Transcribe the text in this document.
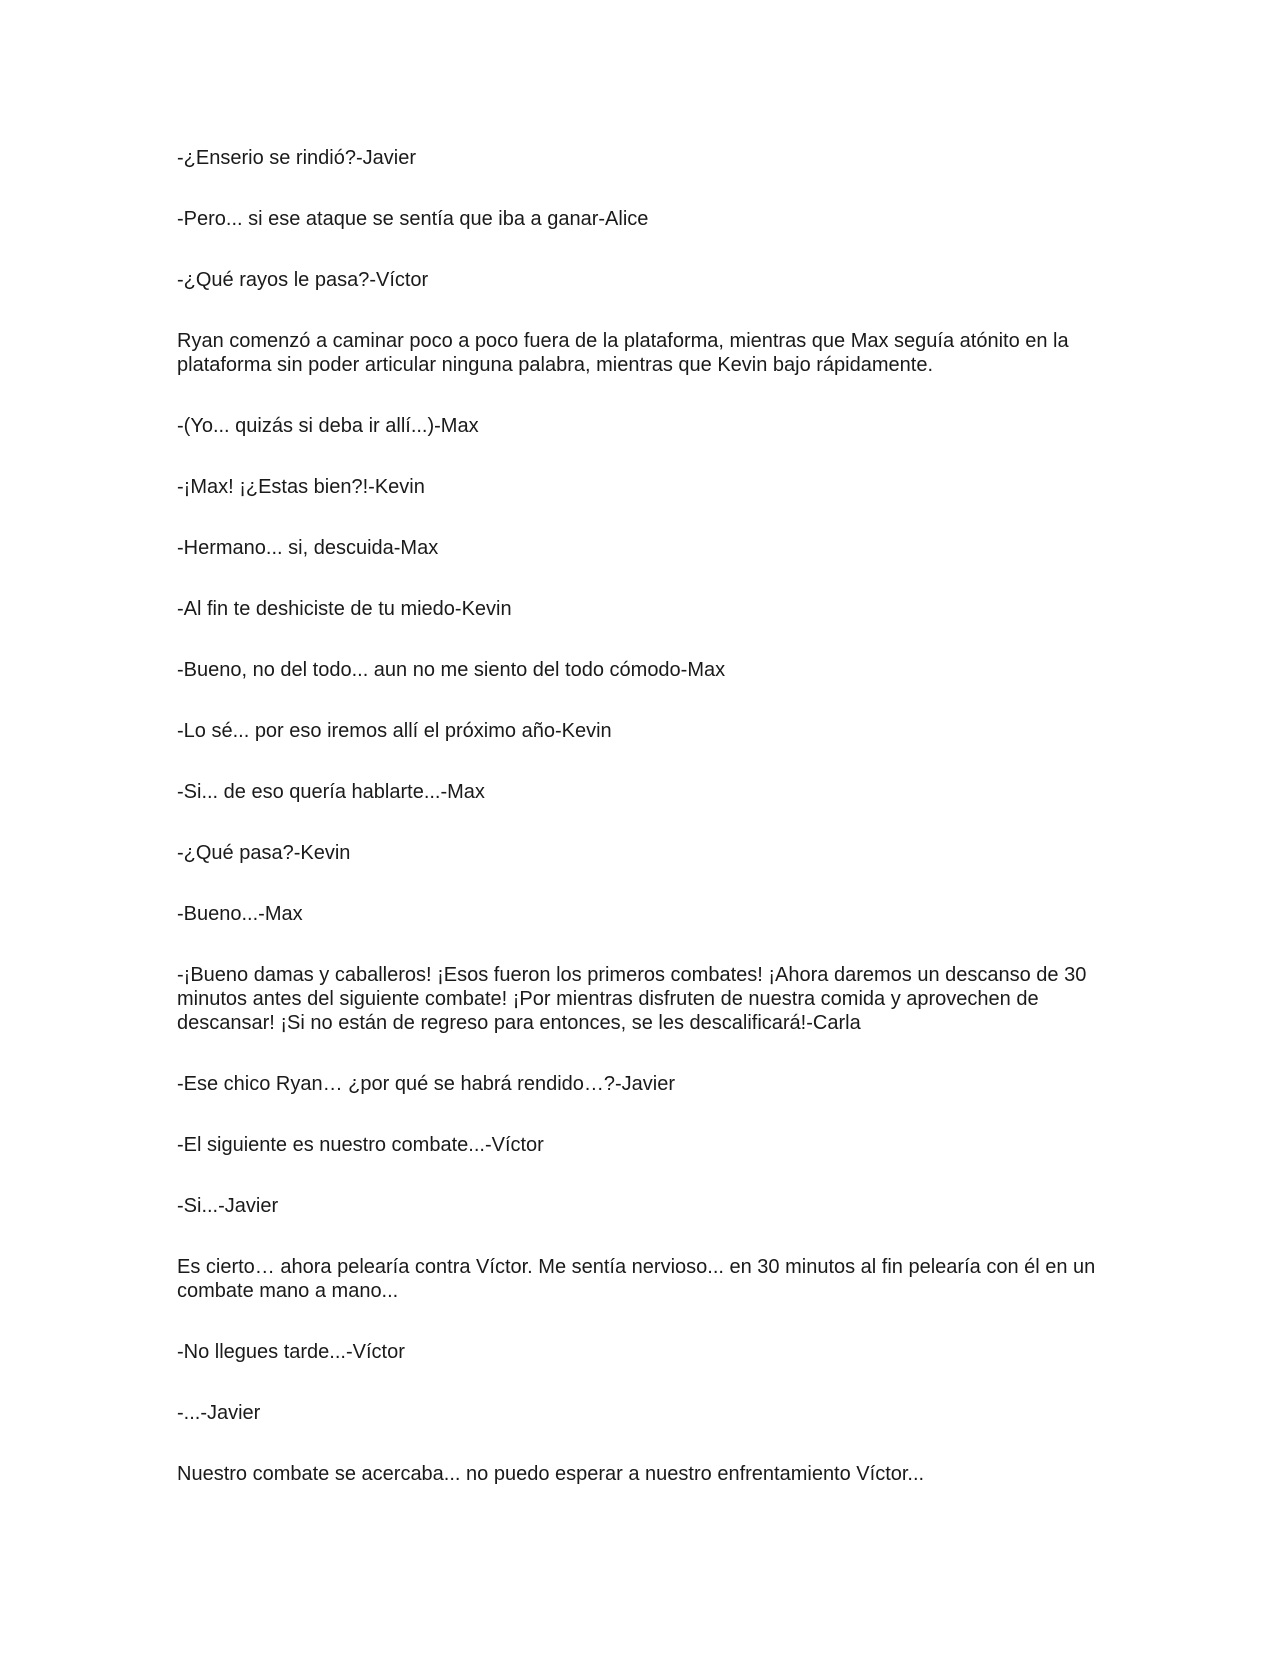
-¿Enserio se rindió?-Javier

-Pero... si ese ataque se sentía que iba a ganar-Alice

-¿Qué rayos le pasa?-Víctor

Ryan comenzó a caminar poco a poco fuera de la plataforma, mientras que Max seguía atónito en la plataforma sin poder articular ninguna palabra, mientras que Kevin bajo rápidamente.

-(Yo... quizás si deba ir allí...)-Max

-¡Max! ¡¿Estas bien?!-Kevin

-Hermano... si, descuida-Max

-Al fin te deshiciste de tu miedo-Kevin

-Bueno, no del todo... aun no me siento del todo cómodo-Max

-Lo sé... por eso iremos allí el próximo año-Kevin

-Si... de eso quería hablarte...-Max

-¿Qué pasa?-Kevin

-Bueno...-Max

-¡Bueno damas y caballeros! ¡Esos fueron los primeros combates! ¡Ahora daremos un descanso de 30 minutos antes del siguiente combate! ¡Por mientras disfruten de nuestra comida y aprovechen de descansar! ¡Si no están de regreso para entonces, se les descalificará!-Carla

-Ese chico Ryan… ¿por qué se habrá rendido…?-Javier

-El siguiente es nuestro combate...-Víctor

-Si...-Javier

Es cierto… ahora pelearía contra Víctor. Me sentía nervioso... en 30 minutos al fin pelearía con él en un combate mano a mano...

-No llegues tarde...-Víctor

-...-Javier

Nuestro combate se acercaba... no puedo esperar a nuestro enfrentamiento Víctor...
